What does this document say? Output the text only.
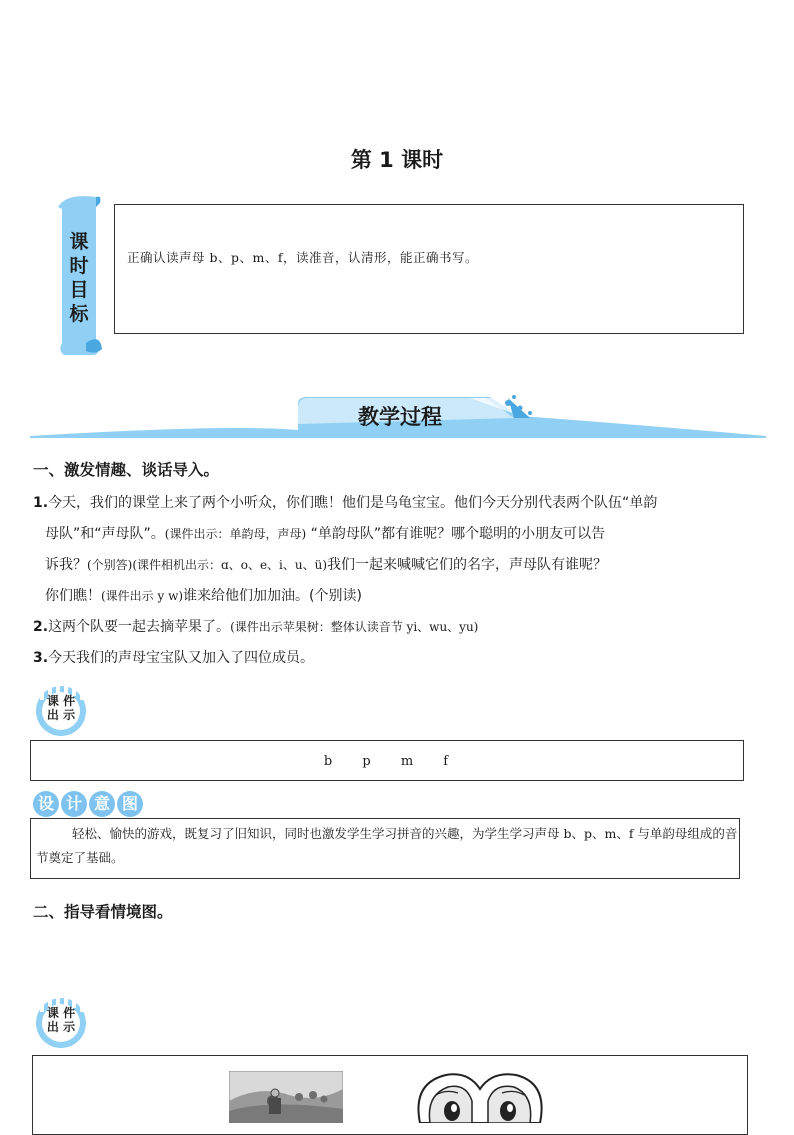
第 1 课时
课
时
目
标
正确认读声母 b、p、m、f，读准音，认清形，能正确书写。
教学过程
一、激发情趣、谈话导入。
1.今天，我们的课堂上来了两个小听众，你们瞧！他们是乌龟宝宝。他们今天分别代表两个队伍“单韵
母队”和“声母队”。(课件出示：单韵母，声母) “单韵母队”都有谁呢？哪个聪明的小朋友可以告
诉我？(个别答)(课件相机出示：ɑ、o、e、i、u、ü)我们一起来喊喊它们的名字，声母队有谁呢？
你们瞧！(课件出示 y w)谁来给他们加加油。(个别读)
2.这两个队要一起去摘苹果了。(课件出示苹果树：整体认读音节 yi、wu、yu)
3.今天我们的声母宝宝队又加入了四位成员。
课 件
出 示
b p m f
设 计 意 图
轻松、愉快的游戏，既复习了旧知识，同时也激发学生学习拼音的兴趣，为学生学习声母 b、p、m、f 与单韵母组成的音节奠定了基础。
二、指导看情境图。
课 件
出 示
